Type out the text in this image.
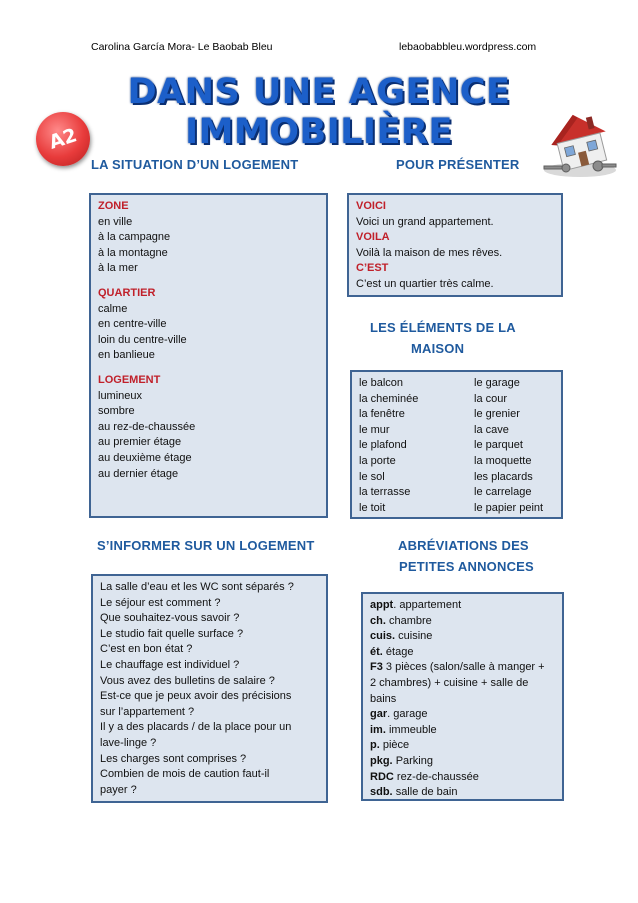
Carolina García Mora- Le Baobab Bleu	lebaobabbleu.wordpress.com
DANS UNE AGENCE IMMOBILIÈRE
A2
LA SITUATION D’UN LOGEMENT
ZONE
en ville
à la campagne
à la montagne
à la mer
QUARTIER
calme
en centre-ville
loin du centre-ville
en banlieue
LOGEMENT
lumineux
sombre
au rez-de-chaussée
au premier étage
au deuxième étage
au dernier étage
POUR PRÉSENTER
VOICI
Voici un grand appartement.
VOILA
Voilà la maison de mes rêves.
C’EST
C’est un quartier très calme.
LES ÉLÉMENTS DE LA
MAISON
le balcon
la cheminée
la fenêtre
le mur
le plafond
la porte
le sol
la terrasse
le toit
le garage
la cour
le grenier
la cave
le parquet
la moquette
les placards
le carrelage
le papier peint
S’INFORMER SUR UN LOGEMENT
La salle d’eau et les WC sont séparés ?
Le séjour est comment ?
Que souhaitez-vous savoir ?
Le studio fait quelle surface ?
C’est en bon état ?
Le chauffage est individuel ?
Vous avez des bulletins de salaire ?
Est-ce que je peux avoir des précisions
sur l’appartement ?
Il y a des placards / de la place pour un
lave-linge ?
Les charges sont comprises ?
Combien de mois de caution faut-il
payer ?
ABRÉVIATIONS DES
PETITES ANNONCES
appt. appartement
ch. chambre
cuis. cuisine
ét. étage
F3 3 pièces (salon/salle à manger +
2 chambres) + cuisine + salle de
bains
gar. garage
im. immeuble
p. pièce
pkg. Parking
RDC rez-de-chaussée
sdb. salle de bain
